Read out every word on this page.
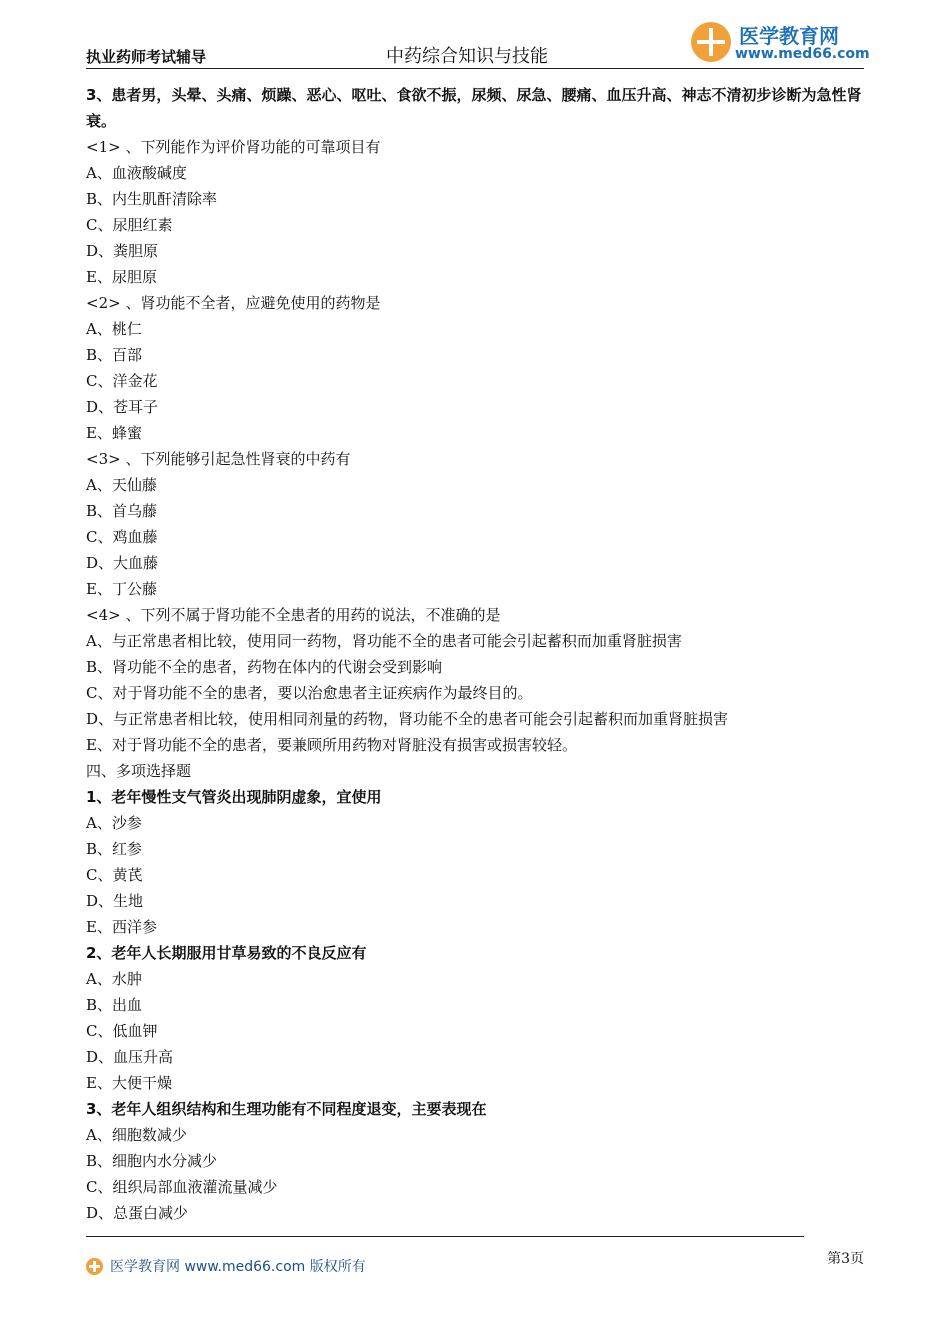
执业药师考试辅导	中药综合知识与技能
医学教育网
www.med66.com
3、患者男，头晕、头痛、烦躁、恶心、呕吐、食欲不振，尿频、尿急、腰痛、血压升高、神志不清初步诊断为急性肾衰。
<1> 、下列能作为评价肾功能的可靠项目有
A、血液酸碱度
B、内生肌酐清除率
C、尿胆红素
D、粪胆原
E、尿胆原
<2> 、肾功能不全者，应避免使用的药物是
A、桃仁
B、百部
C、洋金花
D、苍耳子
E、蜂蜜
<3> 、下列能够引起急性肾衰的中药有
A、天仙藤
B、首乌藤
C、鸡血藤
D、大血藤
E、丁公藤
<4> 、下列不属于肾功能不全患者的用药的说法，不准确的是
A、与正常患者相比较，使用同一药物，肾功能不全的患者可能会引起蓄积而加重肾脏损害
B、肾功能不全的患者，药物在体内的代谢会受到影响
C、对于肾功能不全的患者，要以治愈患者主证疾病作为最终目的。
D、与正常患者相比较，使用相同剂量的药物，肾功能不全的患者可能会引起蓄积而加重肾脏损害
E、对于肾功能不全的患者，要兼顾所用药物对肾脏没有损害或损害较轻。
四、多项选择题
1、老年慢性支气管炎出现肺阴虚象，宜使用
A、沙参
B、红参
C、黄芪
D、生地
E、西洋参
2、老年人长期服用甘草易致的不良反应有
A、水肿
B、出血
C、低血钾
D、血压升高
E、大便干燥
3、老年人组织结构和生理功能有不同程度退变，主要表现在
A、细胞数减少
B、细胞内水分减少
C、组织局部血液灌流量减少
D、总蛋白减少
医学教育网 www.med66.com 版权所有	第3页
